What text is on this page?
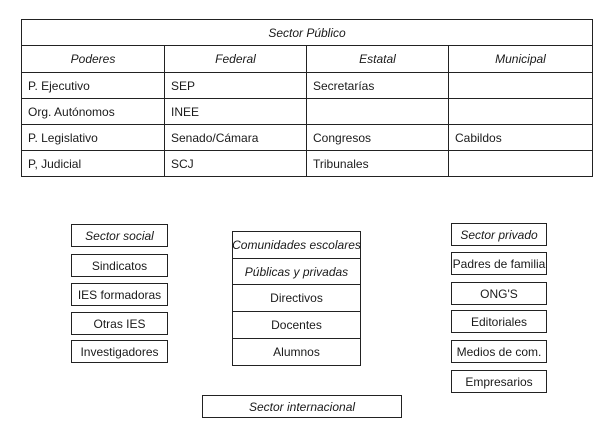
Sector Público			
Poderes	Federal	Estatal	Municipal
P. Ejecutivo	SEP	Secretarías	
Org. Autónomos	INEE		
P. Legislativo	Senado/Cámara	Congresos	Cabildos
P, Judicial	SCJ	Tribunales	
Sector social
Sindicatos
IES formadoras
Otras IES
Investigadores
Comunidades escolares
Públicas y privadas
Directivos
Docentes
Alumnos
Sector privado
Padres de familia
ONG'S
Editoriales
Medios de com.
Empresarios
Sector internacional
